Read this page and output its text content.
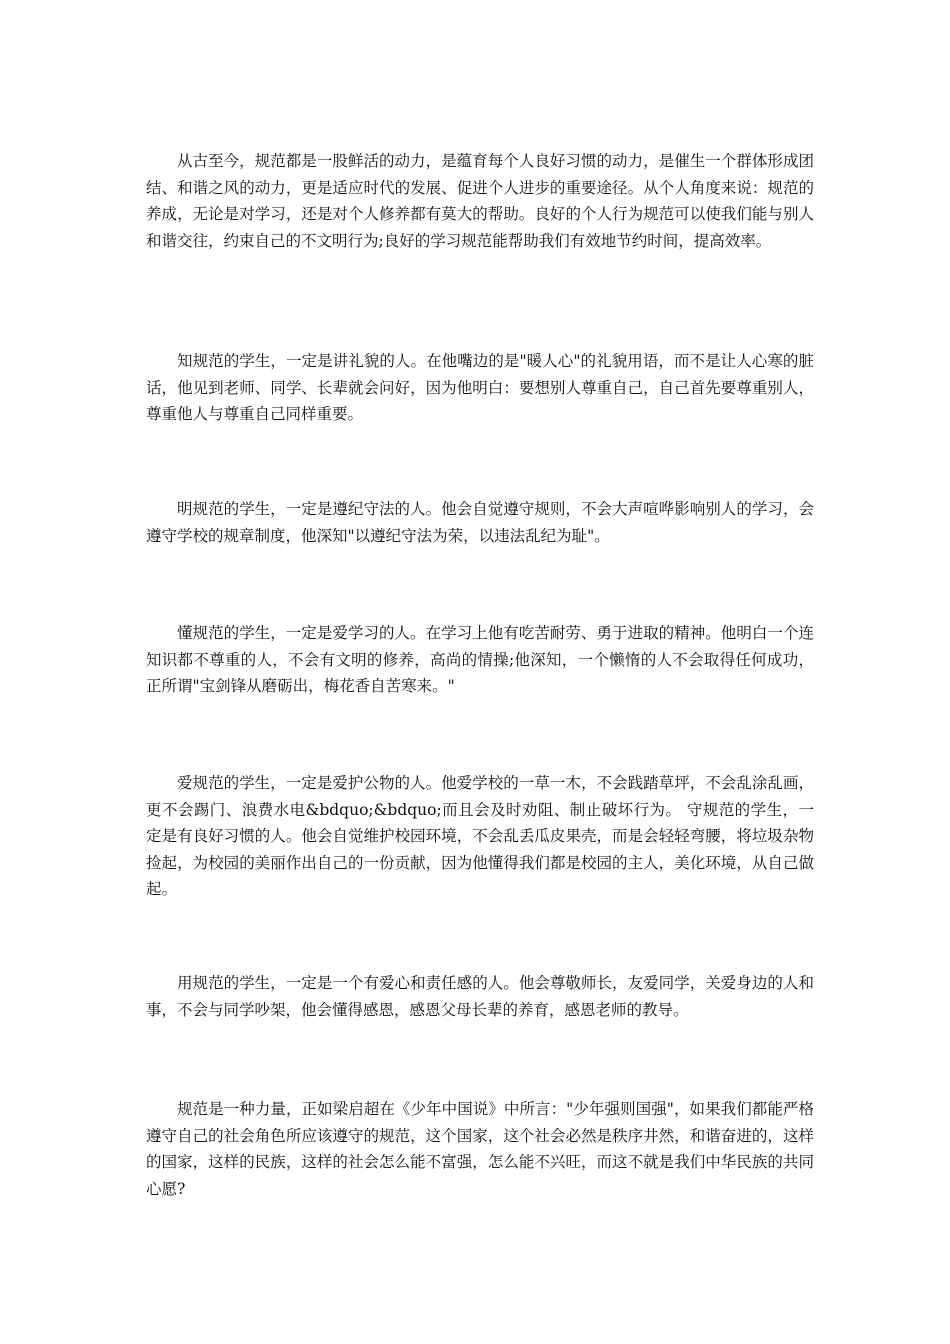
从古至今，规范都是一股鲜活的动力，是蕴育每个人良好习惯的动力，是催生一个群体形成团结、和谐之风的动力，更是适应时代的发展、促进个人进步的重要途径。从个人角度来说：规范的养成，无论是对学习，还是对个人修养都有莫大的帮助。良好的个人行为规范可以使我们能与别人和谐交往，约束自己的不文明行为;良好的学习规范能帮助我们有效地节约时间，提高效率。

知规范的学生，一定是讲礼貌的人。在他嘴边的是"暖人心"的礼貌用语，而不是让人心寒的脏话，他见到老师、同学、长辈就会问好，因为他明白：要想别人尊重自己，自己首先要尊重别人，尊重他人与尊重自己同样重要。

明规范的学生，一定是遵纪守法的人。他会自觉遵守规则，不会大声喧哗影响别人的学习，会遵守学校的规章制度，他深知"以遵纪守法为荣，以违法乱纪为耻"。

懂规范的学生，一定是爱学习的人。在学习上他有吃苦耐劳、勇于进取的精神。他明白一个连知识都不尊重的人，不会有文明的修养，高尚的情操;他深知，一个懒惰的人不会取得任何成功，正所谓"宝剑锋从磨砺出，梅花香自苦寒来。"

爱规范的学生，一定是爱护公物的人。他爱学校的一草一木，不会践踏草坪，不会乱涂乱画，更不会踢门、浪费水电&bdquo;&bdquo;而且会及时劝阻、制止破坏行为。 守规范的学生，一定是有良好习惯的人。他会自觉维护校园环境，不会乱丢瓜皮果壳，而是会轻轻弯腰，将垃圾杂物捡起，为校园的美丽作出自己的一份贡献，因为他懂得我们都是校园的主人，美化环境，从自己做起。

用规范的学生，一定是一个有爱心和责任感的人。他会尊敬师长，友爱同学，关爱身边的人和事，不会与同学吵架，他会懂得感恩，感恩父母长辈的养育，感恩老师的教导。

规范是一种力量，正如梁启超在《少年中国说》中所言："少年强则国强"，如果我们都能严格遵守自己的社会角色所应该遵守的规范，这个国家，这个社会必然是秩序井然，和谐奋进的，这样的国家，这样的民族，这样的社会怎么能不富强，怎么能不兴旺，而这不就是我们中华民族的共同心愿?
